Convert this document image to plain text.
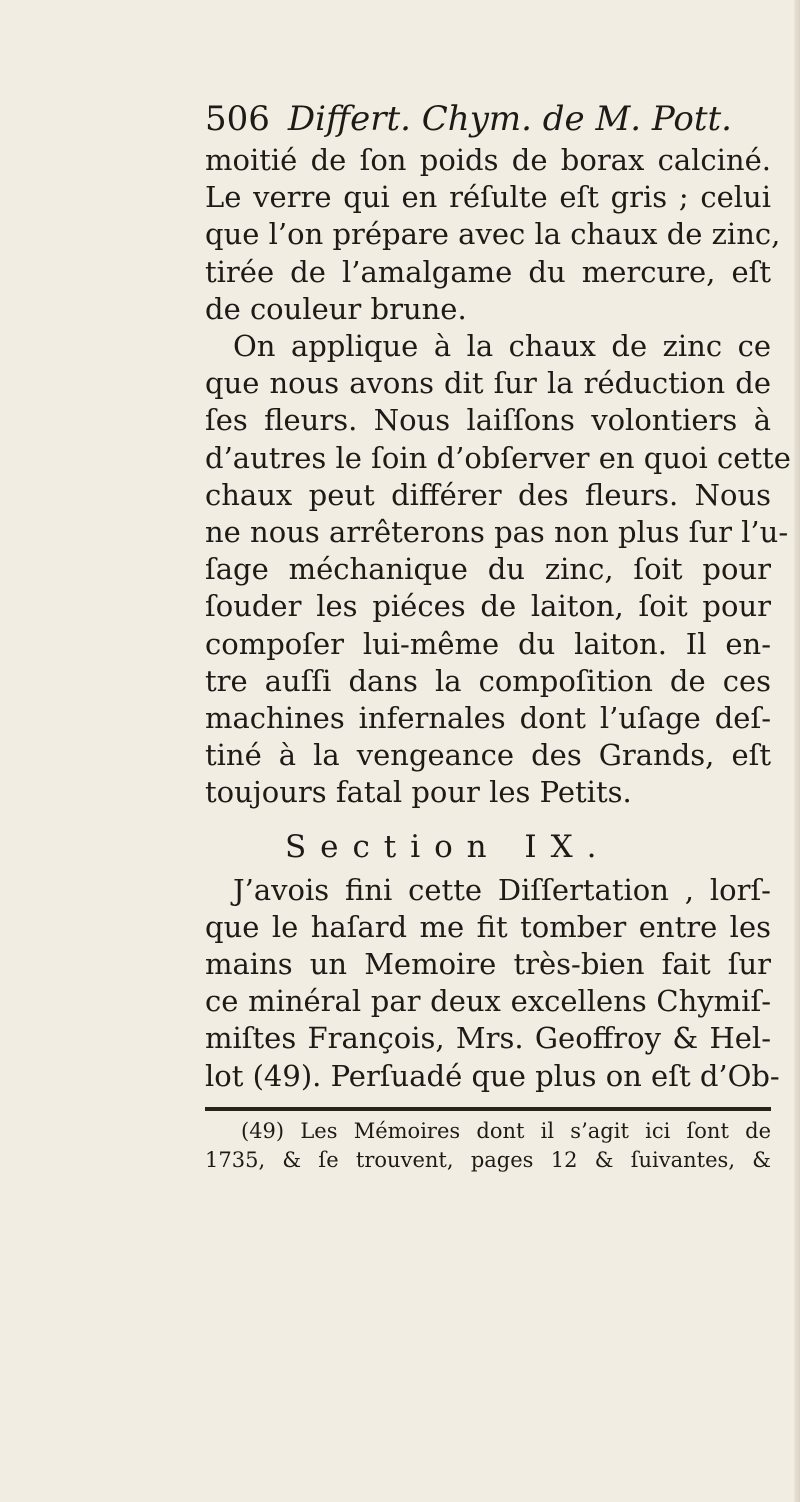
506 Differt. Chym. de M. Pott.
moitié de ſon poids de borax calciné.
Le verre qui en réſulte eſt gris ; celui
que l’on prépare avec la chaux de zinc,
tirée de l’amalgame du mercure, eſt
de couleur brune.
On applique à la chaux de zinc ce
que nous avons dit ſur la réduction de
ſes fleurs. Nous laiſſons volontiers à
d’autres le ſoin d’obſerver en quoi cette
chaux peut différer des fleurs. Nous
ne nous arrêterons pas non plus ſur l’u-
ſage méchanique du zinc, ſoit pour
ſouder les piéces de laiton, ſoit pour
compoſer lui-même du laiton. Il en-
tre auſſi dans la compoſition de ces
machines infernales dont l’uſage deſ-
tiné à la vengeance des Grands, eſt
toujours fatal pour les Petits.
Section IX.
J’avois fini cette Diſſertation , lorſ-
que le haſard me fit tomber entre les
mains un Memoire très-bien fait ſur
ce minéral par deux excellens Chymiſ-
miſtes François, Mrs. Geoffroy & Hel-
lot (49). Perſuadé que plus on eſt d’Ob-
(49) Les Mémoires dont il s’agit ici ſont de
1735, & ſe trouvent, pages 12 & ſuivantes, &
